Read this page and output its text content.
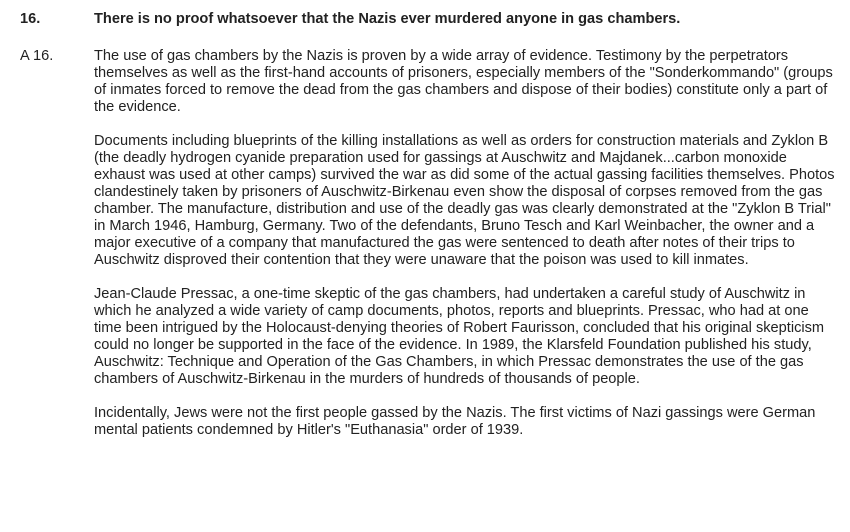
16.	There is no proof whatsoever that the Nazis ever murdered anyone in gas chambers.
A 16.	The use of gas chambers by the Nazis is proven by a wide array of evidence. Testimony by the perpetrators themselves as well as the first-hand accounts of prisoners, especially members of the "Sonderkommando" (groups of inmates forced to remove the dead from the gas chambers and dispose of their bodies) constitute only a part of the evidence.

Documents including blueprints of the killing installations as well as orders for construction materials and Zyklon B (the deadly hydrogen cyanide preparation used for gassings at Auschwitz and Majdanek...carbon monoxide exhaust was used at other camps) survived the war as did some of the actual gassing facilities themselves. Photos clandestinely taken by prisoners of Auschwitz-Birkenau even show the disposal of corpses removed from the gas chamber. The manufacture, distribution and use of the deadly gas was clearly demonstrated at the "Zyklon B Trial" in March 1946, Hamburg, Germany. Two of the defendants, Bruno Tesch and Karl Weinbacher, the owner and a major executive of a company that manufactured the gas were sentenced to death after notes of their trips to Auschwitz disproved their contention that they were unaware that the poison was used to kill inmates.

Jean-Claude Pressac, a one-time skeptic of the gas chambers, had undertaken a careful study of Auschwitz in which he analyzed a wide variety of camp documents, photos, reports and blueprints. Pressac, who had at one time been intrigued by the Holocaust-denying theories of Robert Faurisson, concluded that his original skepticism could no longer be supported in the face of the evidence. In 1989, the Klarsfeld Foundation published his study, Auschwitz: Technique and Operation of the Gas Chambers, in which Pressac demonstrates the use of the gas chambers of Auschwitz-Birkenau in the murders of hundreds of thousands of people.

Incidentally, Jews were not the first people gassed by the Nazis. The first victims of Nazi gassings were German mental patients condemned by Hitler's "Euthanasia" order of 1939.
